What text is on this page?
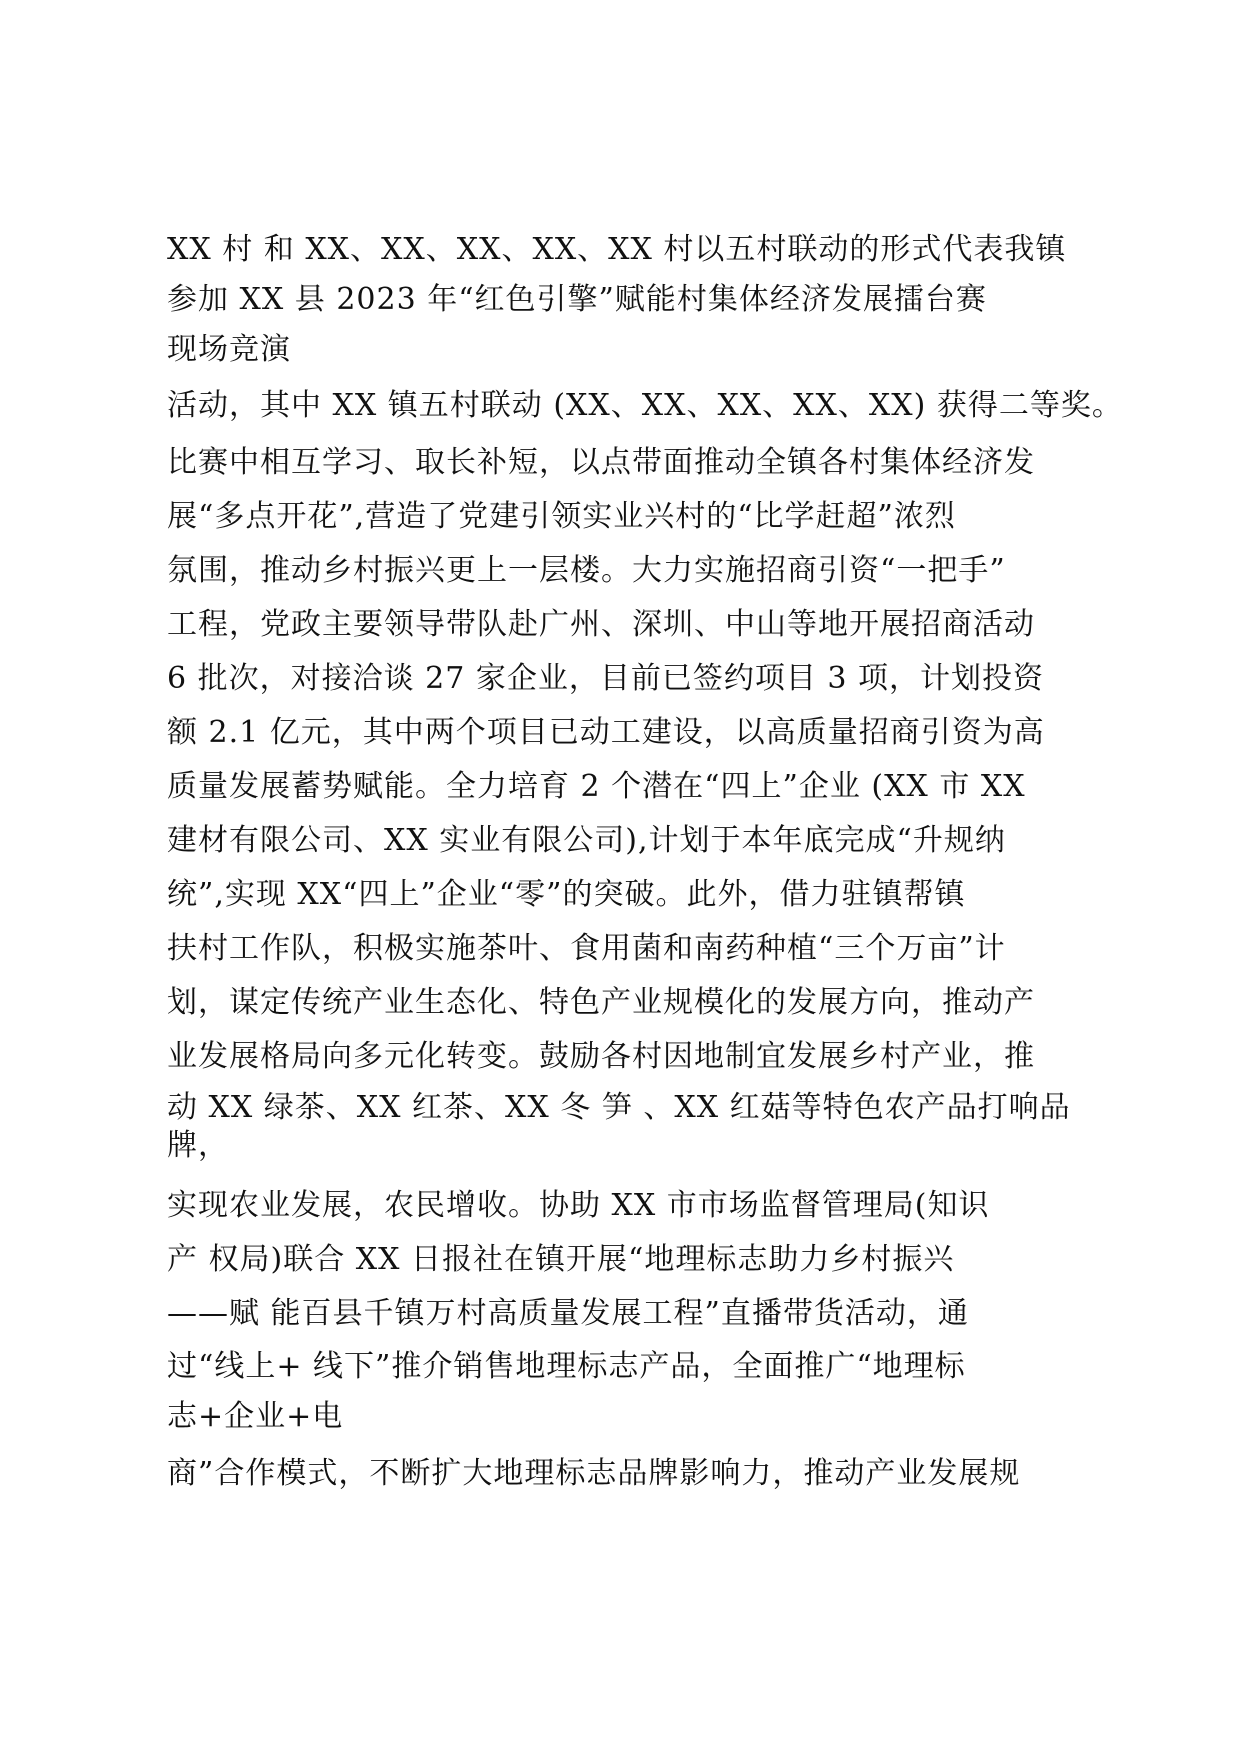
XX 村 和 XX、XX、XX、XX、XX 村以五村联动的形式代表我镇
参加 XX 县 2023 年“红色引擎”赋能村集体经济发展擂台赛
现场竞演
活动，其中 XX 镇五村联动 (XX、XX、XX、XX、XX) 获得二等奖。
比赛中相互学习、取长补短，以点带面推动全镇各村集体经济发
展“多点开花”,营造了党建引领实业兴村的“比学赶超”浓烈
氛围，推动乡村振兴更上一层楼。大力实施招商引资“一把手”
工程，党政主要领导带队赴广州、深圳、中山等地开展招商活动
6 批次，对接洽谈 27 家企业，目前已签约项目 3 项，计划投资
额 2.1 亿元，其中两个项目已动工建设，以高质量招商引资为高
质量发展蓄势赋能。全力培育 2 个潜在“四上”企业 (XX 市 XX
建材有限公司、XX 实业有限公司),计划于本年底完成“升规纳
统”,实现 XX“四上”企业“零”的突破。此外，借力驻镇帮镇
扶村工作队，积极实施茶叶、食用菌和南药种植“三个万亩”计
划，谋定传统产业生态化、特色产业规模化的发展方向，推动产
业发展格局向多元化转变。鼓励各村因地制宜发展乡村产业，推
动 XX 绿茶、XX 红茶、XX 冬 笋 、XX 红菇等特色农产品打响品
牌，
实现农业发展，农民增收。协助 XX 市市场监督管理局(知识
产 权局)联合 XX 日报社在镇开展“地理标志助力乡村振兴
——赋 能百县千镇万村高质量发展工程”直播带货活动，通
过“线上+ 线下”推介销售地理标志产品，全面推广“地理标
志+企业+电
商”合作模式，不断扩大地理标志品牌影响力，推动产业发展规
